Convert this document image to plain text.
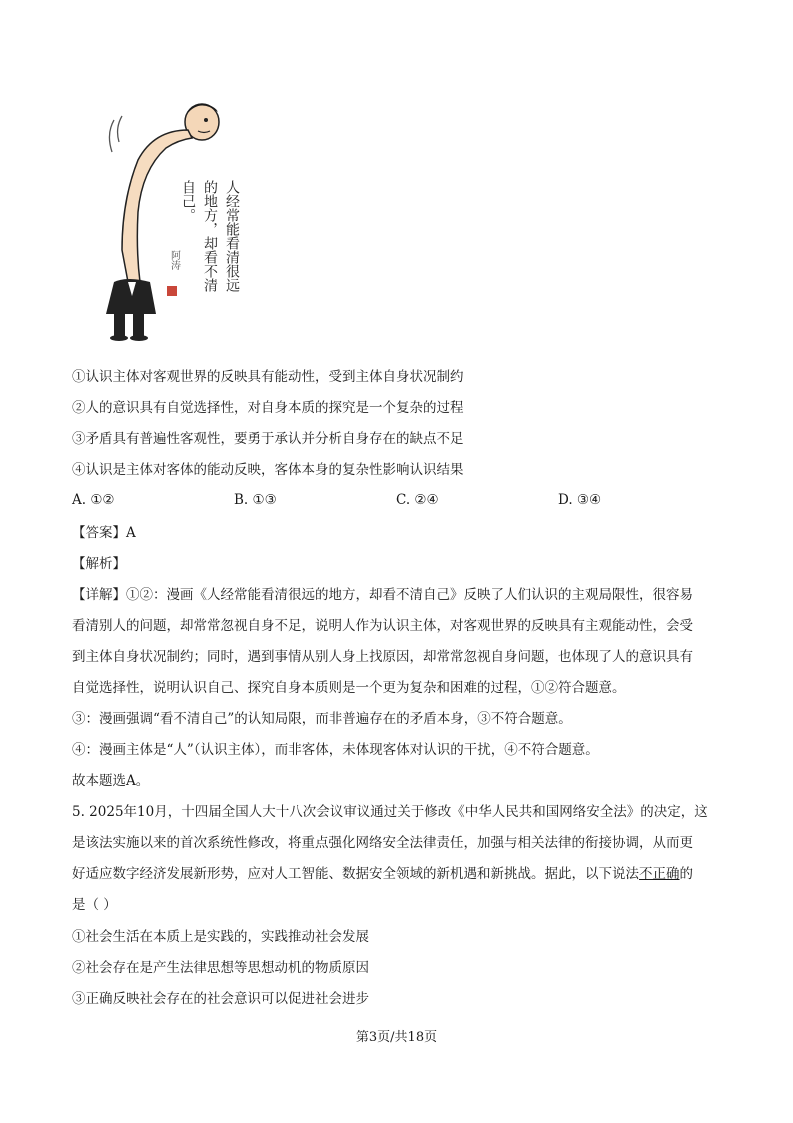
人经常能看清很远
的地方，却看不清
自己。
阿涛
①认识主体对客观世界的反映具有能动性，受到主体自身状况制约
②人的意识具有自觉选择性，对自身本质的探究是一个复杂的过程
③矛盾具有普遍性客观性，要勇于承认并分析自身存在的缺点不足
④认识是主体对客体的能动反映，客体本身的复杂性影响认识结果
A. ①②	B. ①③	C. ②④	D. ③④
【答案】A
【解析】
【详解】①②：漫画《人经常能看清很远的地方，却看不清自己》反映了人们认识的主观局限性，很容易
看清别人的问题，却常常忽视自身不足，说明人作为认识主体，对客观世界的反映具有主观能动性，会受
到主体自身状况制约；同时，遇到事情从别人身上找原因，却常常忽视自身问题，也体现了人的意识具有
自觉选择性，说明认识自己、探究自身本质则是一个更为复杂和困难的过程，①②符合题意。
③：漫画强调“看不清自己”的认知局限，而非普遍存在的矛盾本身，③不符合题意。
④：漫画主体是“人”（认识主体），而非客体，未体现客体对认识的干扰，④不符合题意。
故本题选A。
5. 2025年10月，十四届全国人大十八次会议审议通过关于修改《中华人民共和国网络安全法》的决定，这
是该法实施以来的首次系统性修改，将重点强化网络安全法律责任，加强与相关法律的衔接协调，从而更
好适应数字经济发展新形势，应对人工智能、数据安全领域的新机遇和新挑战。据此，以下说法不正确的
是（ ）
①社会生活在本质上是实践的，实践推动社会发展
②社会存在是产生法律思想等思想动机的物质原因
③正确反映社会存在的社会意识可以促进社会进步
第3页/共18页
